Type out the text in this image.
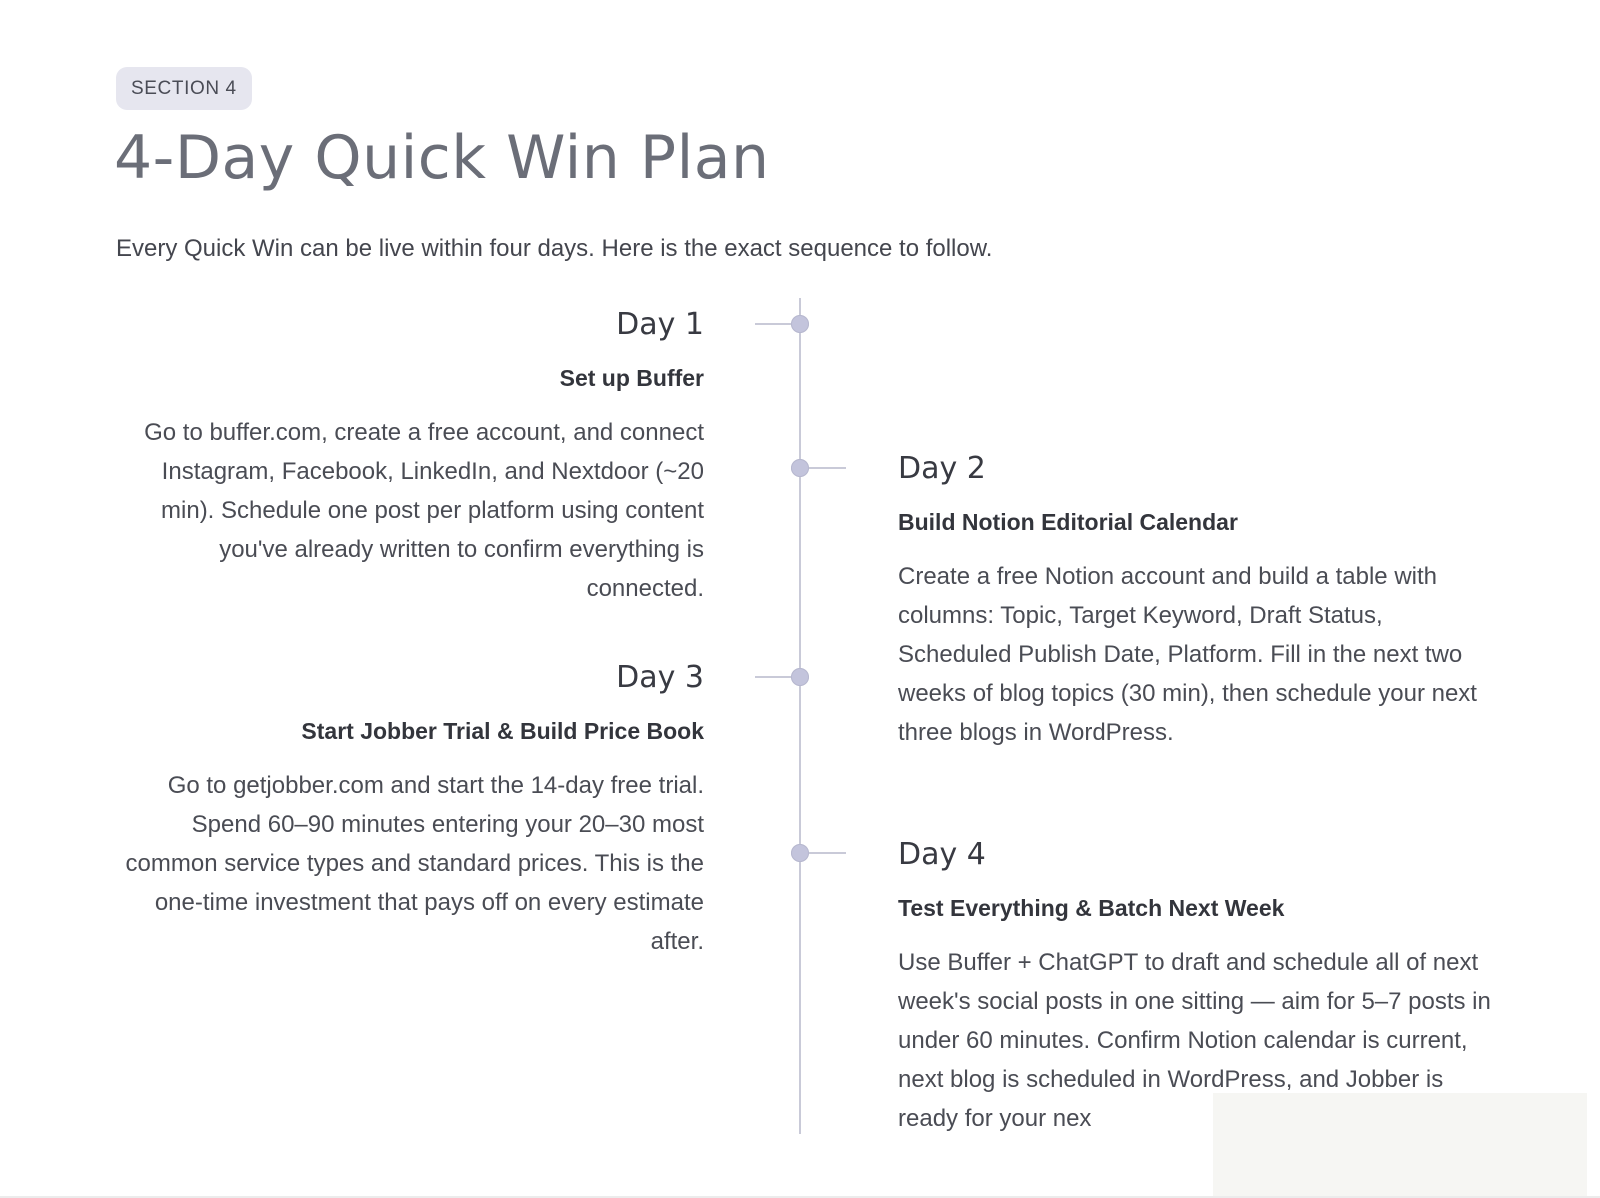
SECTION 4
4-Day Quick Win Plan

Every Quick Win can be live within four days. Here is the exact sequence to follow.

Day 1

Set up Buffer

Go to buffer.com, create a free account, and connect Instagram, Facebook, LinkedIn, and Nextdoor (~20 min). Schedule one post per platform using content you've already written to confirm everything is connected.

Day 2

Build Notion Editorial Calendar

Create a free Notion account and build a table with columns: Topic, Target Keyword, Draft Status, Scheduled Publish Date, Platform. Fill in the next two weeks of blog topics (30 min), then schedule your next three blogs in WordPress.

Day 3

Start Jobber Trial & Build Price Book

Go to getjobber.com and start the 14-day free trial. Spend 60–90 minutes entering your 20–30 most common service types and standard prices. This is the one-time investment that pays off on every estimate after.

Day 4

Test Everything & Batch Next Week

Use Buffer + ChatGPT to draft and schedule all of next week's social posts in one sitting — aim for 5–7 posts in under 60 minutes. Confirm Notion calendar is current, next blog is scheduled in WordPress, and Jobber is ready for your nex
